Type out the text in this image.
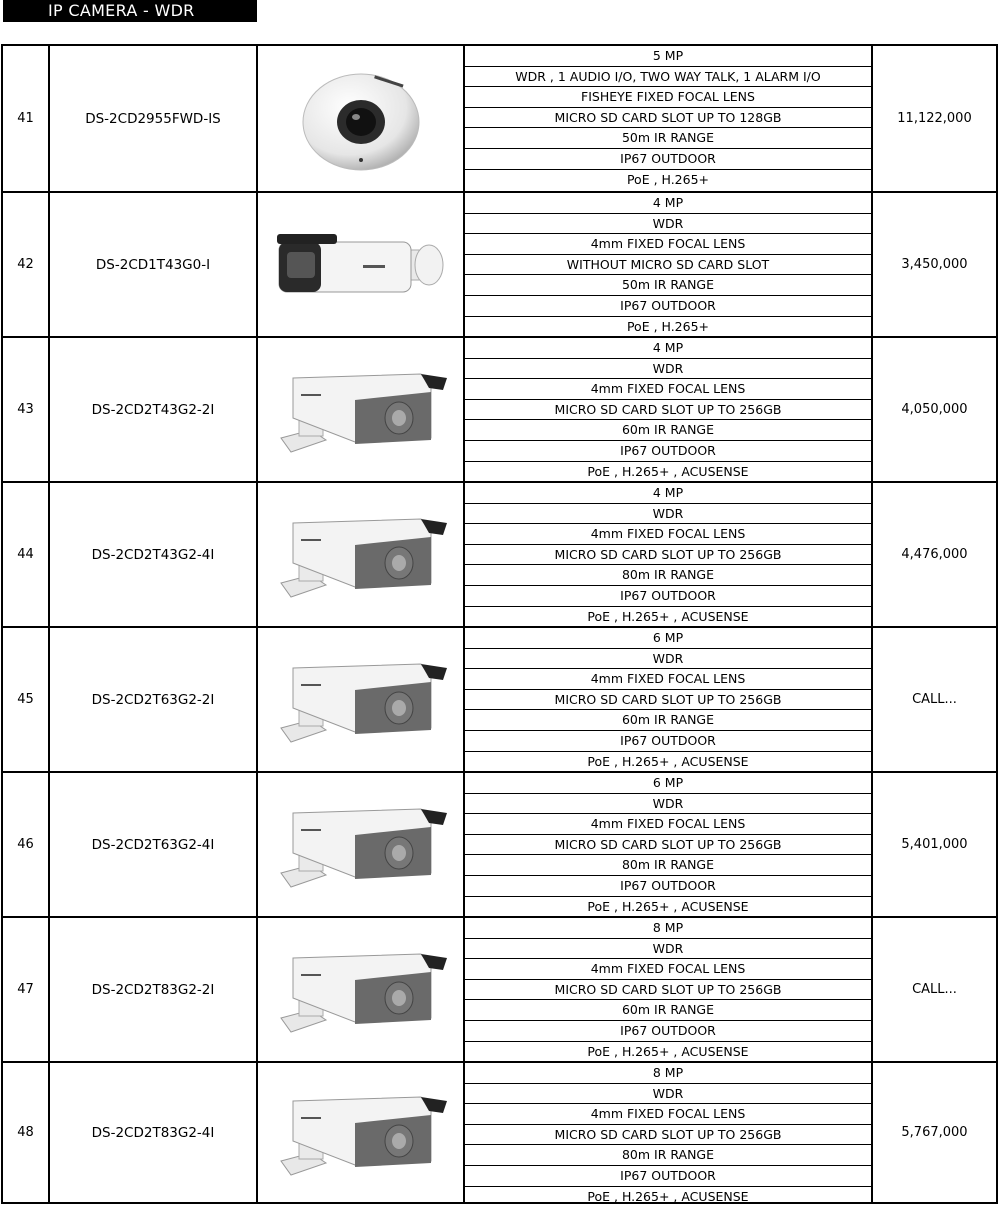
IP CAMERA - WDR
41	DS-2CD2955FWD-IS
5 MP
WDR , 1 AUDIO I/O, TWO WAY TALK, 1 ALARM I/O
FISHEYE FIXED FOCAL LENS
MICRO SD CARD SLOT UP TO 128GB
50m IR RANGE
IP67 OUTDOOR
PoE , H.265+
11,122,000
42	DS-2CD1T43G0-I
4 MP
WDR
4mm FIXED FOCAL LENS
WITHOUT MICRO SD CARD SLOT
50m IR RANGE
IP67 OUTDOOR
PoE , H.265+
3,450,000
43	DS-2CD2T43G2-2I
4 MP
WDR
4mm FIXED FOCAL LENS
MICRO SD CARD SLOT UP TO 256GB
60m IR RANGE
IP67 OUTDOOR
PoE , H.265+ , ACUSENSE
4,050,000
44	DS-2CD2T43G2-4I
4 MP
WDR
4mm FIXED FOCAL LENS
MICRO SD CARD SLOT UP TO 256GB
80m IR RANGE
IP67 OUTDOOR
PoE , H.265+ , ACUSENSE
4,476,000
45	DS-2CD2T63G2-2I
6 MP
WDR
4mm FIXED FOCAL LENS
MICRO SD CARD SLOT UP TO 256GB
60m IR RANGE
IP67 OUTDOOR
PoE , H.265+ , ACUSENSE
CALL...
46	DS-2CD2T63G2-4I
6 MP
WDR
4mm FIXED FOCAL LENS
MICRO SD CARD SLOT UP TO 256GB
80m IR RANGE
IP67 OUTDOOR
PoE , H.265+ , ACUSENSE
5,401,000
47	DS-2CD2T83G2-2I
8 MP
WDR
4mm FIXED FOCAL LENS
MICRO SD CARD SLOT UP TO 256GB
60m IR RANGE
IP67 OUTDOOR
PoE , H.265+ , ACUSENSE
CALL...
48	DS-2CD2T83G2-4I
8 MP
WDR
4mm FIXED FOCAL LENS
MICRO SD CARD SLOT UP TO 256GB
80m IR RANGE
IP67 OUTDOOR
PoE , H.265+ , ACUSENSE
5,767,000
